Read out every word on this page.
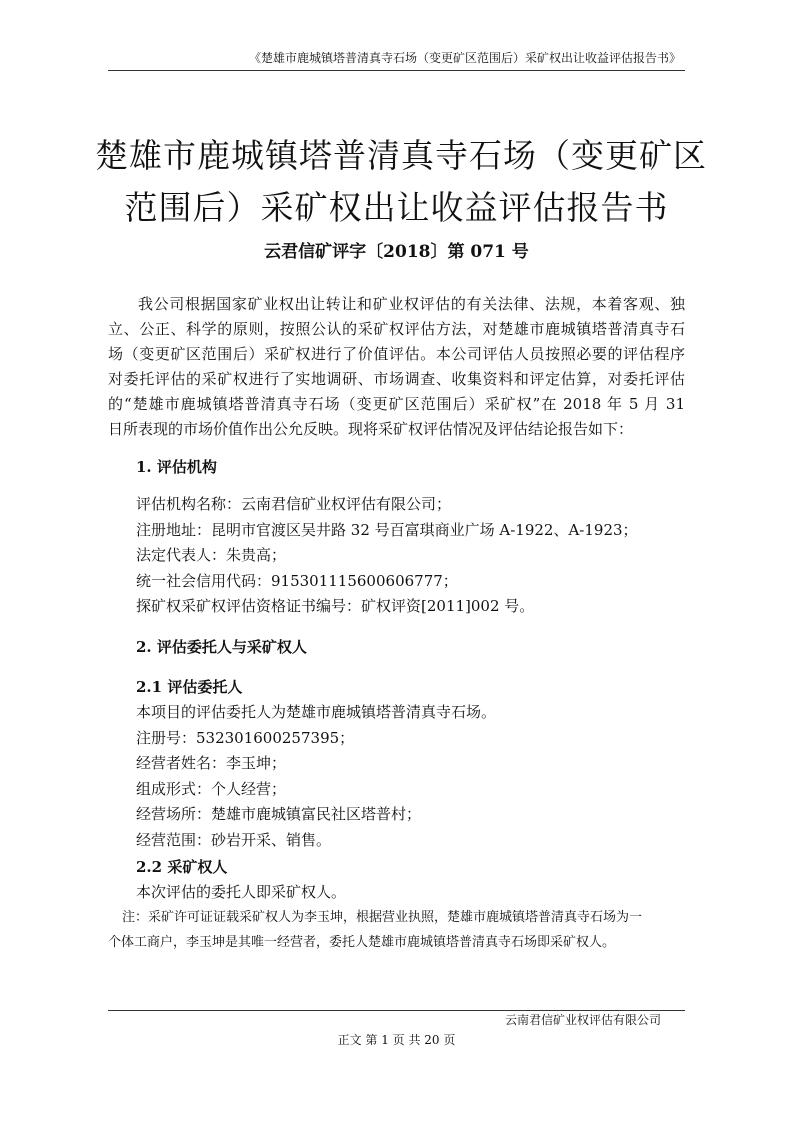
《楚雄市鹿城镇塔普清真寺石场（变更矿区范围后）采矿权出让收益评估报告书》
楚雄市鹿城镇塔普清真寺石场（变更矿区
范围后）采矿权出让收益评估报告书
云君信矿评字〔2018〕第 071 号

我公司根据国家矿业权出让转让和矿业权评估的有关法律、法规，本着客观、独
立、公正、科学的原则，按照公认的采矿权评估方法，对楚雄市鹿城镇塔普清真寺石
场（变更矿区范围后）采矿权进行了价值评估。本公司评估人员按照必要的评估程序
对委托评估的采矿权进行了实地调研、市场调查、收集资料和评定估算，对委托评估
的“楚雄市鹿城镇塔普清真寺石场（变更矿区范围后）采矿权”在 2018 年 5 月 31
日所表现的市场价值作出公允反映。现将采矿权评估情况及评估结论报告如下：

1. 评估机构

评估机构名称：云南君信矿业权评估有限公司；

注册地址：昆明市官渡区吴井路 32 号百富琪商业广场 A-1922、A-1923；

法定代表人：朱贵高；

统一社会信用代码：915301115600606777；

探矿权采矿权评估资格证书编号：矿权评资[2011]002 号。

2. 评估委托人与采矿权人

2.1 评估委托人

本项目的评估委托人为楚雄市鹿城镇塔普清真寺石场。

注册号：532301600257395；

经营者姓名：李玉坤；

组成形式：个人经营；

经营场所：楚雄市鹿城镇富民社区塔普村；

经营范围：砂岩开采、销售。

2.2 采矿权人

本次评估的委托人即采矿权人。

注：采矿许可证证载采矿权人为李玉坤，根据营业执照，楚雄市鹿城镇塔普清真寺石场为一
个体工商户，李玉坤是其唯一经营者，委托人楚雄市鹿城镇塔普清真寺石场即采矿权人。

云南君信矿业权评估有限公司
正文 第 1 页 共 20 页
